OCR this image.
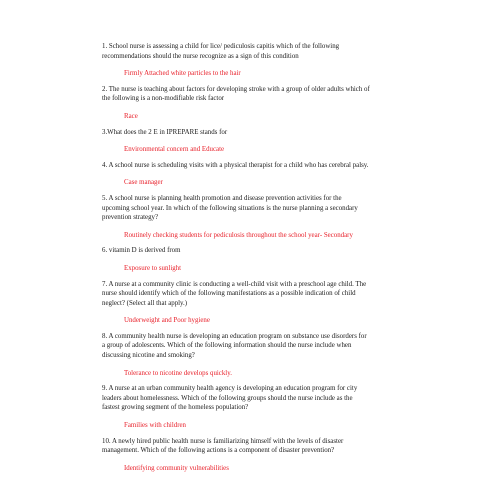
1. School nurse is assessing a child for lice/ pediculosis capitis which of the following

recommendations should the nurse recognize as a sign of this condition

Firmly Attached white particles to the hair

2. The nurse is teaching about factors for developing stroke with a group of older adults which of

the following is a non-modifiable risk factor

Race

3.What does the 2 E in IPREPARE stands for

Environmental concern and Educate

4. A school nurse is scheduling visits with a physical therapist for a child who has cerebral palsy.

Case manager

5. A school nurse is planning health promotion and disease prevention activities for the

upcoming school year. In which of the following situations is the nurse planning a secondary

prevention strategy?

Routinely checking students for pediculosis throughout the school year- Secondary

6. vitamin D is derived from

Exposure to sunlight

7. A nurse at a community clinic is conducting a well-child visit with a preschool age child. The

nurse should identify which of the following manifestations as a possible indication of child

neglect? (Select all that apply.)

Underweight and Poor hygiene

8. A community health nurse is developing an education program on substance use disorders for

a group of adolescents. Which of the following information should the nurse include when

discussing nicotine and smoking?

Tolerance to nicotine develops quickly.

9. A nurse at an urban community health agency is developing an education program for city

leaders about homelessness. Which of the following groups should the nurse include as the

fastest growing segment of the homeless population?

Families with children

10. A newly hired public health nurse is familiarizing himself with the levels of disaster

management. Which of the following actions is a component of disaster prevention?

Identifying community vulnerabilities
